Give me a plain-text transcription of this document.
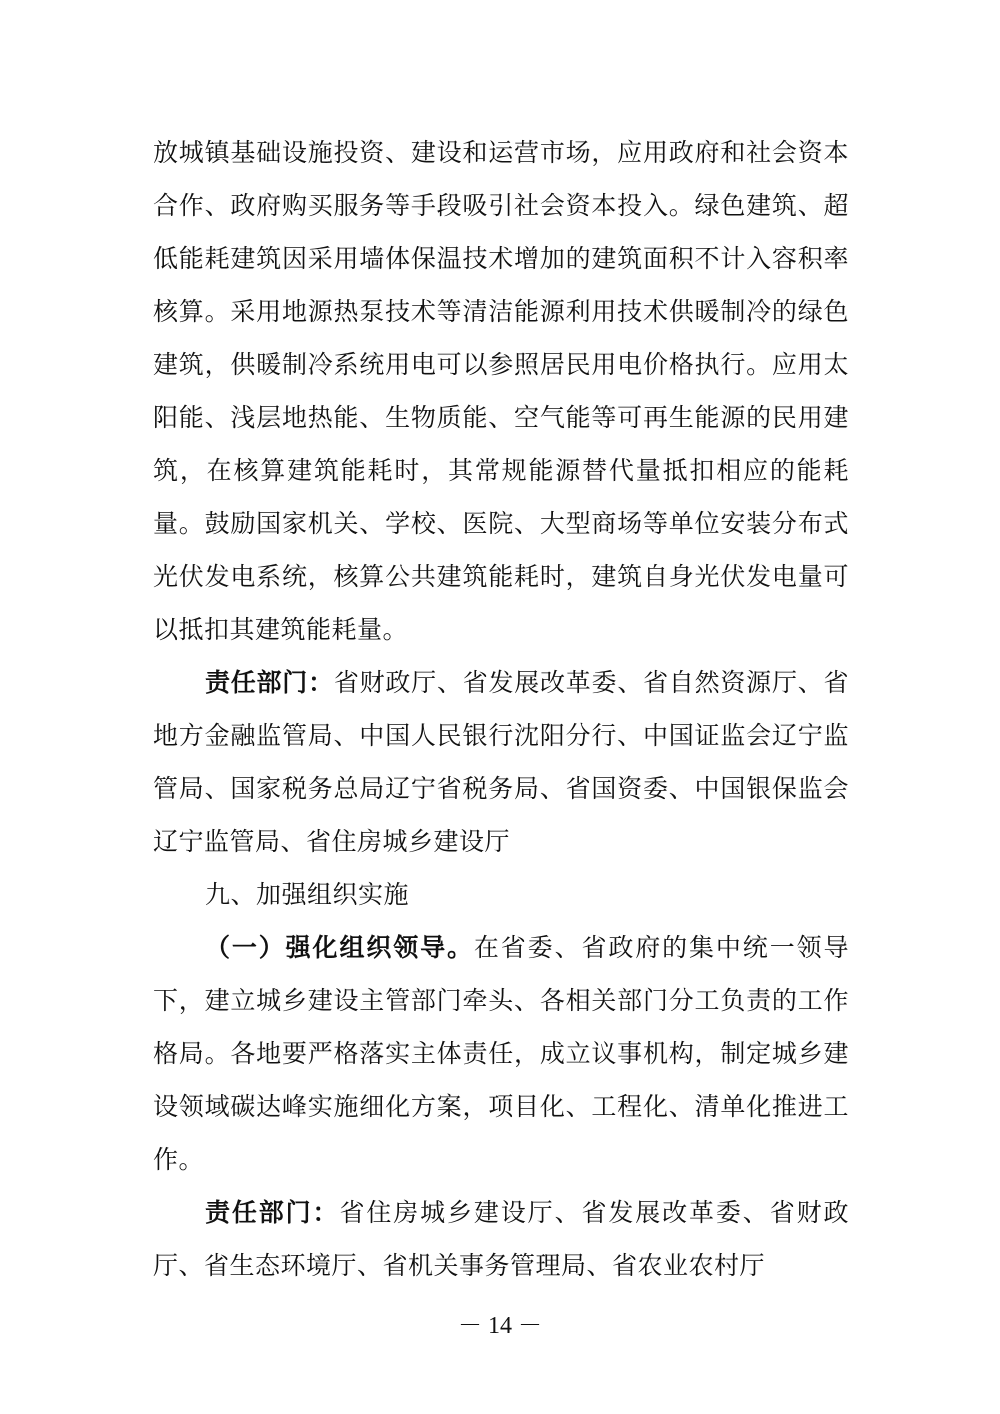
放城镇基础设施投资、建设和运营市场，应用政府和社会资本合作、政府购买服务等手段吸引社会资本投入。绿色建筑、超低能耗建筑因采用墙体保温技术增加的建筑面积不计入容积率核算。采用地源热泵技术等清洁能源利用技术供暖制冷的绿色建筑，供暖制冷系统用电可以参照居民用电价格执行。应用太阳能、浅层地热能、生物质能、空气能等可再生能源的民用建筑，在核算建筑能耗时，其常规能源替代量抵扣相应的能耗量。鼓励国家机关、学校、医院、大型商场等单位安装分布式光伏发电系统，核算公共建筑能耗时，建筑自身光伏发电量可以抵扣其建筑能耗量。

责任部门：省财政厅、省发展改革委、省自然资源厅、省地方金融监管局、中国人民银行沈阳分行、中国证监会辽宁监管局、国家税务总局辽宁省税务局、省国资委、中国银保监会辽宁监管局、省住房城乡建设厅

九、加强组织实施

（一）强化组织领导。在省委、省政府的集中统一领导下，建立城乡建设主管部门牵头、各相关部门分工负责的工作格局。各地要严格落实主体责任，成立议事机构，制定城乡建设领域碳达峰实施细化方案，项目化、工程化、清单化推进工作。

责任部门：省住房城乡建设厅、省发展改革委、省财政厅、省生态环境厅、省机关事务管理局、省农业农村厅

－ 14 －
